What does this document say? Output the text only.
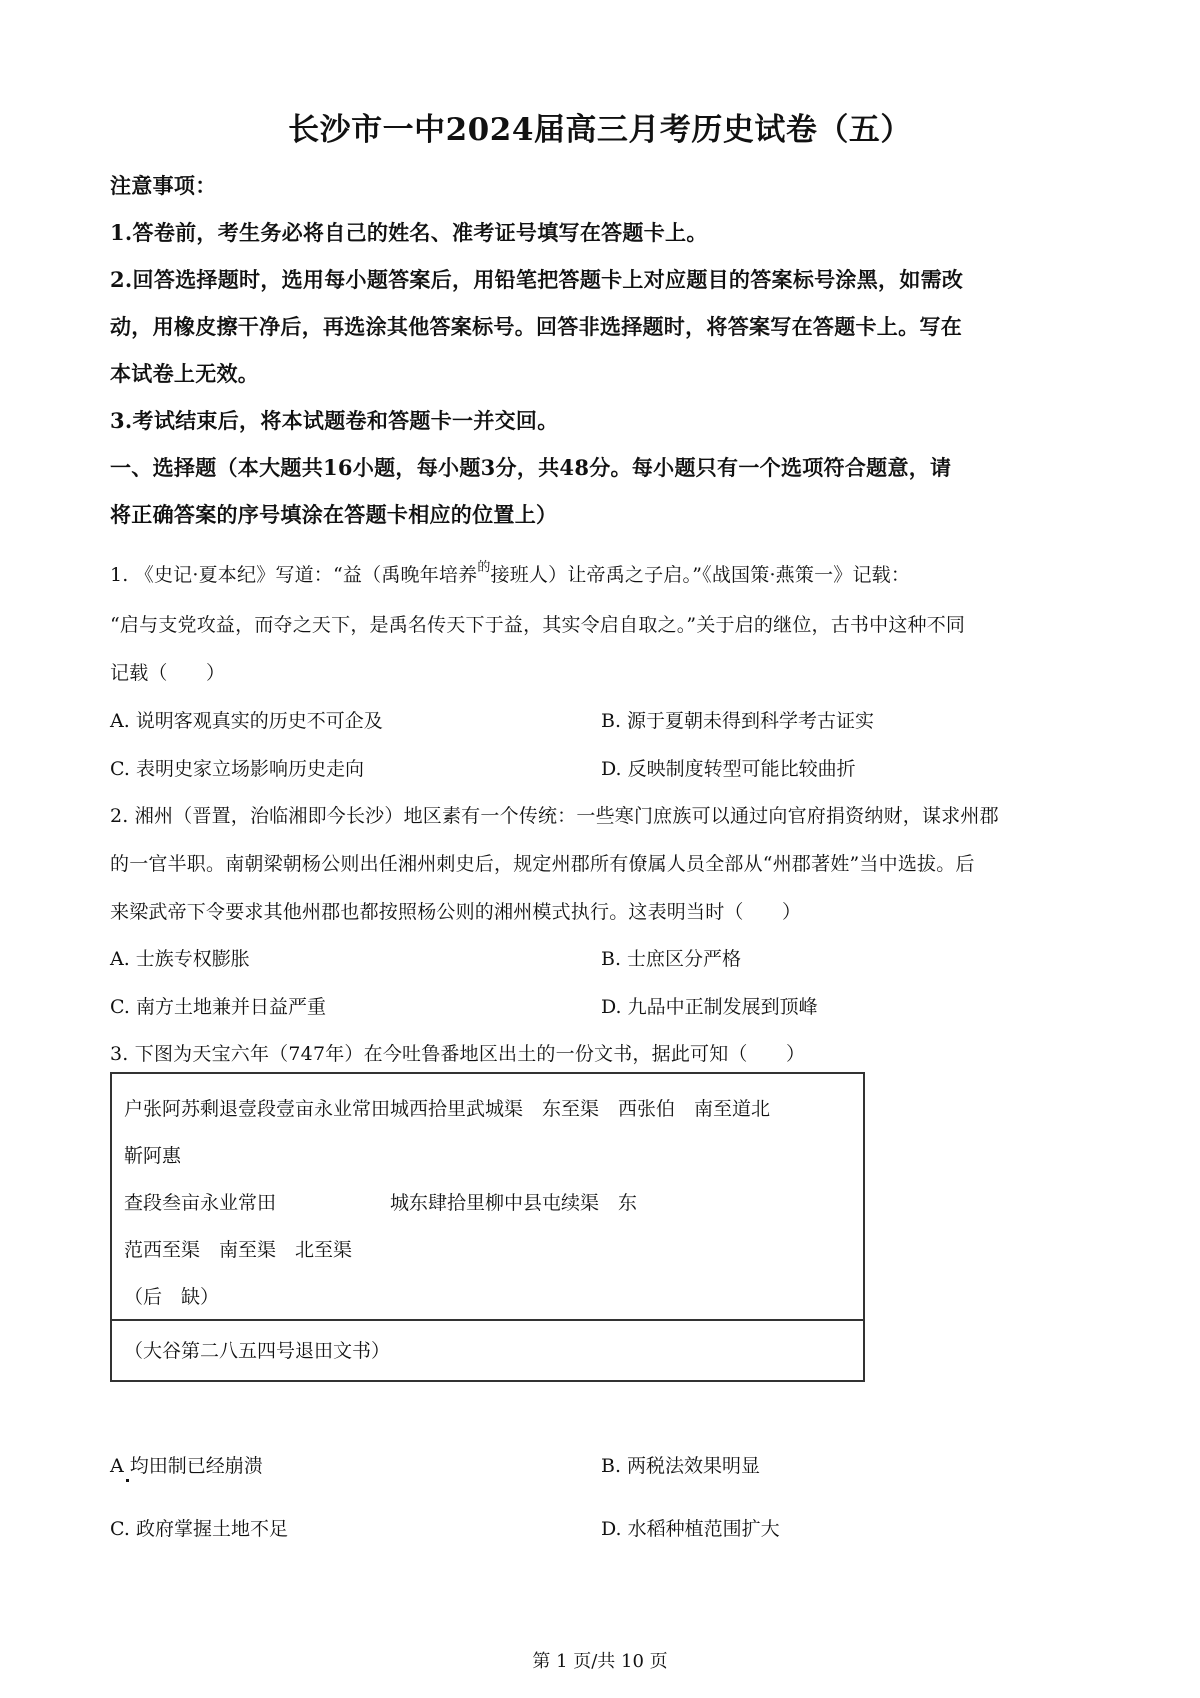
长沙市一中2024届高三月考历史试卷（五）
注意事项：
1.答卷前，考生务必将自己的姓名、准考证号填写在答题卡上。
2.回答选择题时，选用每小题答案后，用铅笔把答题卡上对应题目的答案标号涂黑，如需改
动，用橡皮擦干净后，再选涂其他答案标号。回答非选择题时，将答案写在答题卡上。写在
本试卷上无效。
3.考试结束后，将本试题卷和答题卡一并交回。
一、选择题（本大题共16小题，每小题3分，共48分。每小题只有一个选项符合题意，请
将正确答案的序号填涂在答题卡相应的位置上）
1. 《史记·夏本纪》写道：“益（禹晚年培养$^的$接班人）让帝禹之子启。”《战国策·燕策一》记载：
“启与支党攻益，而夺之天下，是禹名传天下于益，其实令启自取之。”关于启的继位，古书中这种不同
记载（　　）
A. 说明客观真实的历史不可企及	B. 源于夏朝未得到科学考古证实
C. 表明史家立场影响历史走向	D. 反映制度转型可能比较曲折
2. 湘州（晋置，治临湘即今长沙）地区素有一个传统：一些寒门庶族可以通过向官府捐资纳财，谋求州郡
的一官半职。南朝梁朝杨公则出任湘州刺史后，规定州郡所有僚属人员全部从“州郡著姓”当中选拔。后
来梁武帝下令要求其他州郡也都按照杨公则的湘州模式执行。这表明当时（　　）
A. 士族专权膨胀	B. 士庶区分严格
C. 南方土地兼并日益严重	D. 九品中正制发展到顶峰
3. 下图为天宝六年（747年）在今吐鲁番地区出土的一份文书，据此可知（　　）
户张阿苏剩退壹段壹亩永业常田城西拾里武城渠　东至渠　西张伯　南至道北
靳阿惠
查段叁亩永业常田　　　　　　城东肆拾里柳中县屯续渠　东
范西至渠　南至渠　北至渠
（后　缺）
（大谷第二八五四号退田文书）
A 均田制已经崩溃	B. 两税法效果明显
C. 政府掌握土地不足	D. 水稻种植范围扩大
第 1 页/共 10 页
